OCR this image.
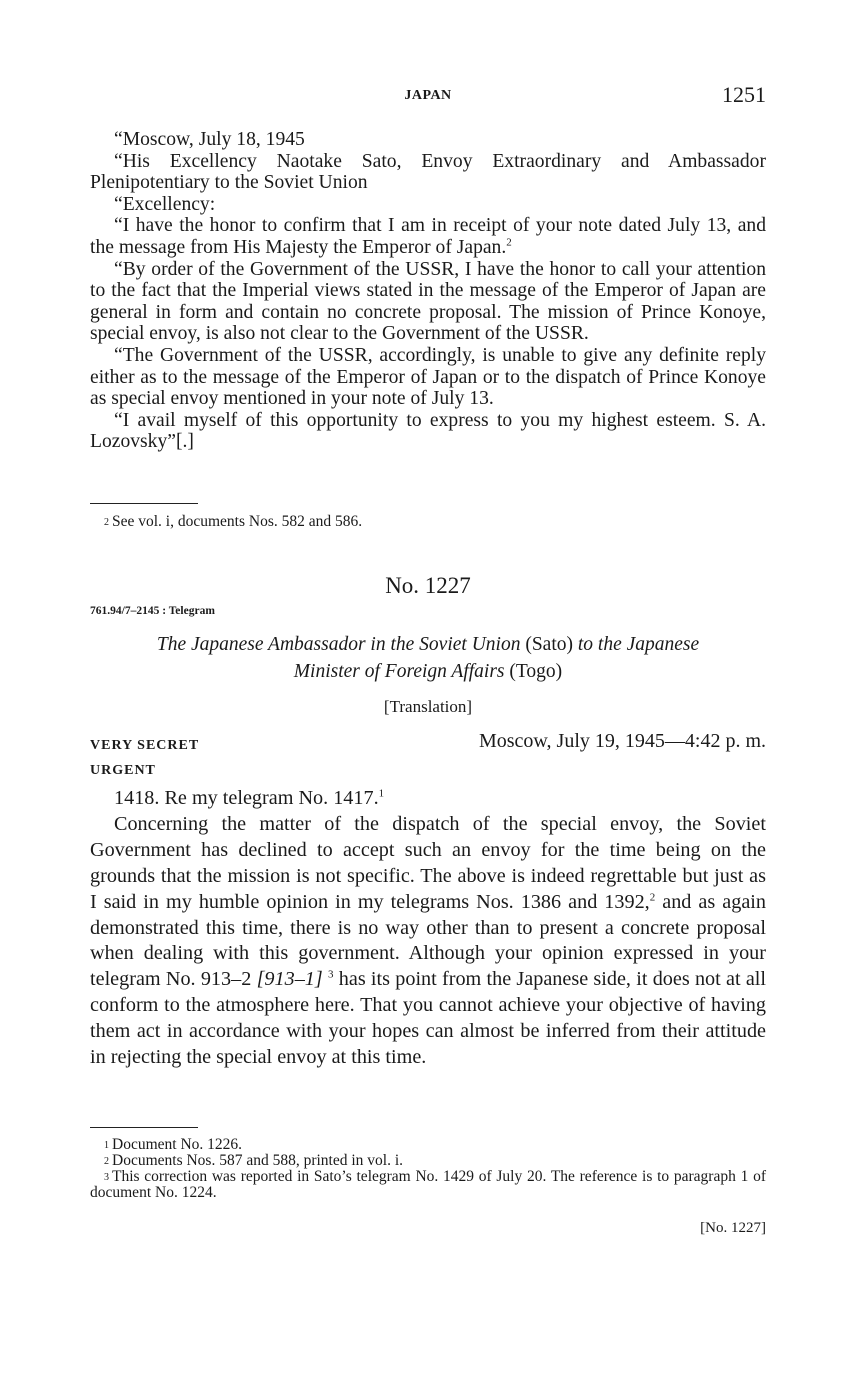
JAPAN	1251

“Moscow, July 18, 1945

“His Excellency Naotake Sato, Envoy Extraordinary and Ambassador Plenipotentiary to the Soviet Union

“Excellency:

“I have the honor to confirm that I am in receipt of your note dated July 13, and the message from His Majesty the Emperor of Japan.$^2$

“By order of the Government of the USSR, I have the honor to call your attention to the fact that the Imperial views stated in the message of the Emperor of Japan are general in form and contain no concrete proposal. The mission of Prince Konoye, special envoy, is also not clear to the Government of the USSR.

“The Government of the USSR, accordingly, is unable to give any definite reply either as to the message of the Emperor of Japan or to the dispatch of Prince Konoye as special envoy mentioned in your note of July 13.

“I avail myself of this opportunity to express to you my highest esteem. S. A. Lozovsky”[.]

$^2$ See vol. i, documents Nos. 582 and 586.

No. 1227
761.94/7–2145 : Telegram
The Japanese Ambassador in the Soviet Union (Sato) to the Japanese
Minister of Foreign Affairs (Togo)
[Translation]
VERY SECRET
URGENT
Moscow, July 19, 1945—4:42 p. m.

1418. Re my telegram No. 1417.$^1$

Concerning the matter of the dispatch of the special envoy, the Soviet Government has declined to accept such an envoy for the time being on the grounds that the mission is not specific. The above is indeed regrettable but just as I said in my humble opinion in my telegrams Nos. 1386 and 1392,$^2$ and as again demonstrated this time, there is no way other than to present a concrete proposal when dealing with this government. Although your opinion expressed in your telegram No. 913–2 [913–1] $^3$ has its point from the Japanese side, it does not at all conform to the atmosphere here. That you cannot achieve your objective of having them act in accordance with your hopes can almost be inferred from their attitude in rejecting the special envoy at this time.

$^1$ Document No. 1226.

$^2$ Documents Nos. 587 and 588, printed in vol. i.

$^3$ This correction was reported in Sato’s telegram No. 1429 of July 20. The reference is to paragraph 1 of document No. 1224.

[No. 1227]
